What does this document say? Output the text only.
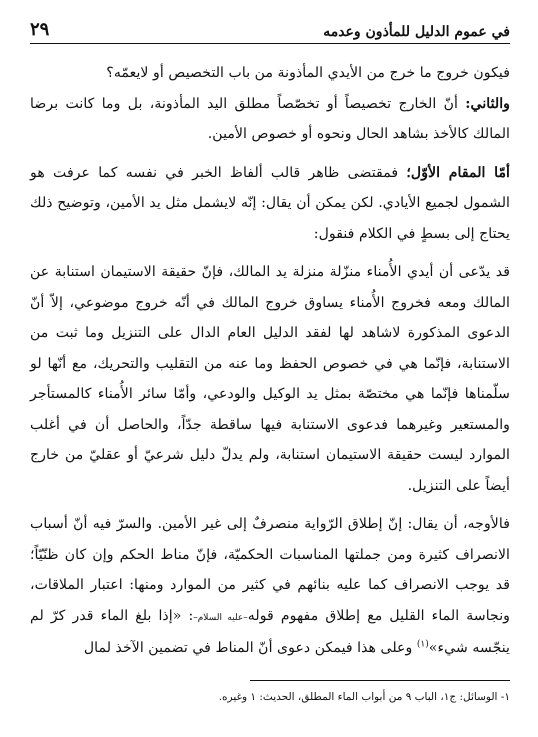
في عموم الدليل للمأذون وعدمه
٢٩

فيكون خروج ما خرج من الأيدي المأذونة من باب التخصيص أو لايعمّه؟

والثاني: أنّ الخارج تخصيصاً أو تخصّصاً مطلق اليد المأذونة، بل وما كانت برضا المالك كالأخذ بشاهد الحال ونحوه أو خصوص الأمين.

أمّا المقام الأوّل؛ فمقتضى ظاهر قالب ألفاظ الخبر في نفسه كما عرفت هو الشمول لجميع الأيادي. لكن يمكن أن يقال: إنّه لايشمل مثل يد الأمين، وتوضيح ذلك يحتاج إلى بسطٍ في الكلام فنقول:

قد يدّعى أن أيدي الأُمناء منزّلة منزلة يد المالك، فإنّ حقيقة الاستيمان استنابة عن المالك ومعه فخروج الأُمناء يساوق خروج المالك في أنّه خروج موضوعي، إلاّ أنّ الدعوى المذكورة لاشاهد لها لفقد الدليل العام الدال على التنزيل وما ثبت من الاستنابة، فإنّما هي في خصوص الحفظ وما عنه من التقليب والتحريك، مع أنّها لو سلّمناها فإنّما هي مختصّة بمثل يد الوكيل والودعي، وأمّا سائر الأُمناء كالمستأجر والمستعير وغيرهما فدعوى الاستنابة فيها ساقطة جدّاً، والحاصل أن في أغلب الموارد ليست حقيقة الاستيمان استنابة، ولم يدلّ دليل شرعيّ أو عقليّ من خارج أيضاً على التنزيل.

فالأوجه، أن يقال: إنّ إطلاق الرّواية منصرفٌ إلى غير الأمين. والسرّ فيه أنّ أسباب الانصراف كثيرة ومن جملتها المناسبات الحكميّة، فإنّ مناط الحكم وإن كان ظنّيّاً؛ قد يوجب الانصراف كما عليه بنائهم في كثير من الموارد ومنها: اعتبار الملاقات، ونجاسة الماء القليل مع إطلاق مفهوم قوله–عليه السلام–: «إذا بلغ الماء قدر كرّ لم ينجّسه شيء»$^{(١)}$ وعلى هذا فيمكن دعوى أنّ المناط في تضمين الآخذ لمال

١- الوسائل: ج١، الباب ٩ من أبواب الماء المطلق، الحديث: ١ وغيره.
